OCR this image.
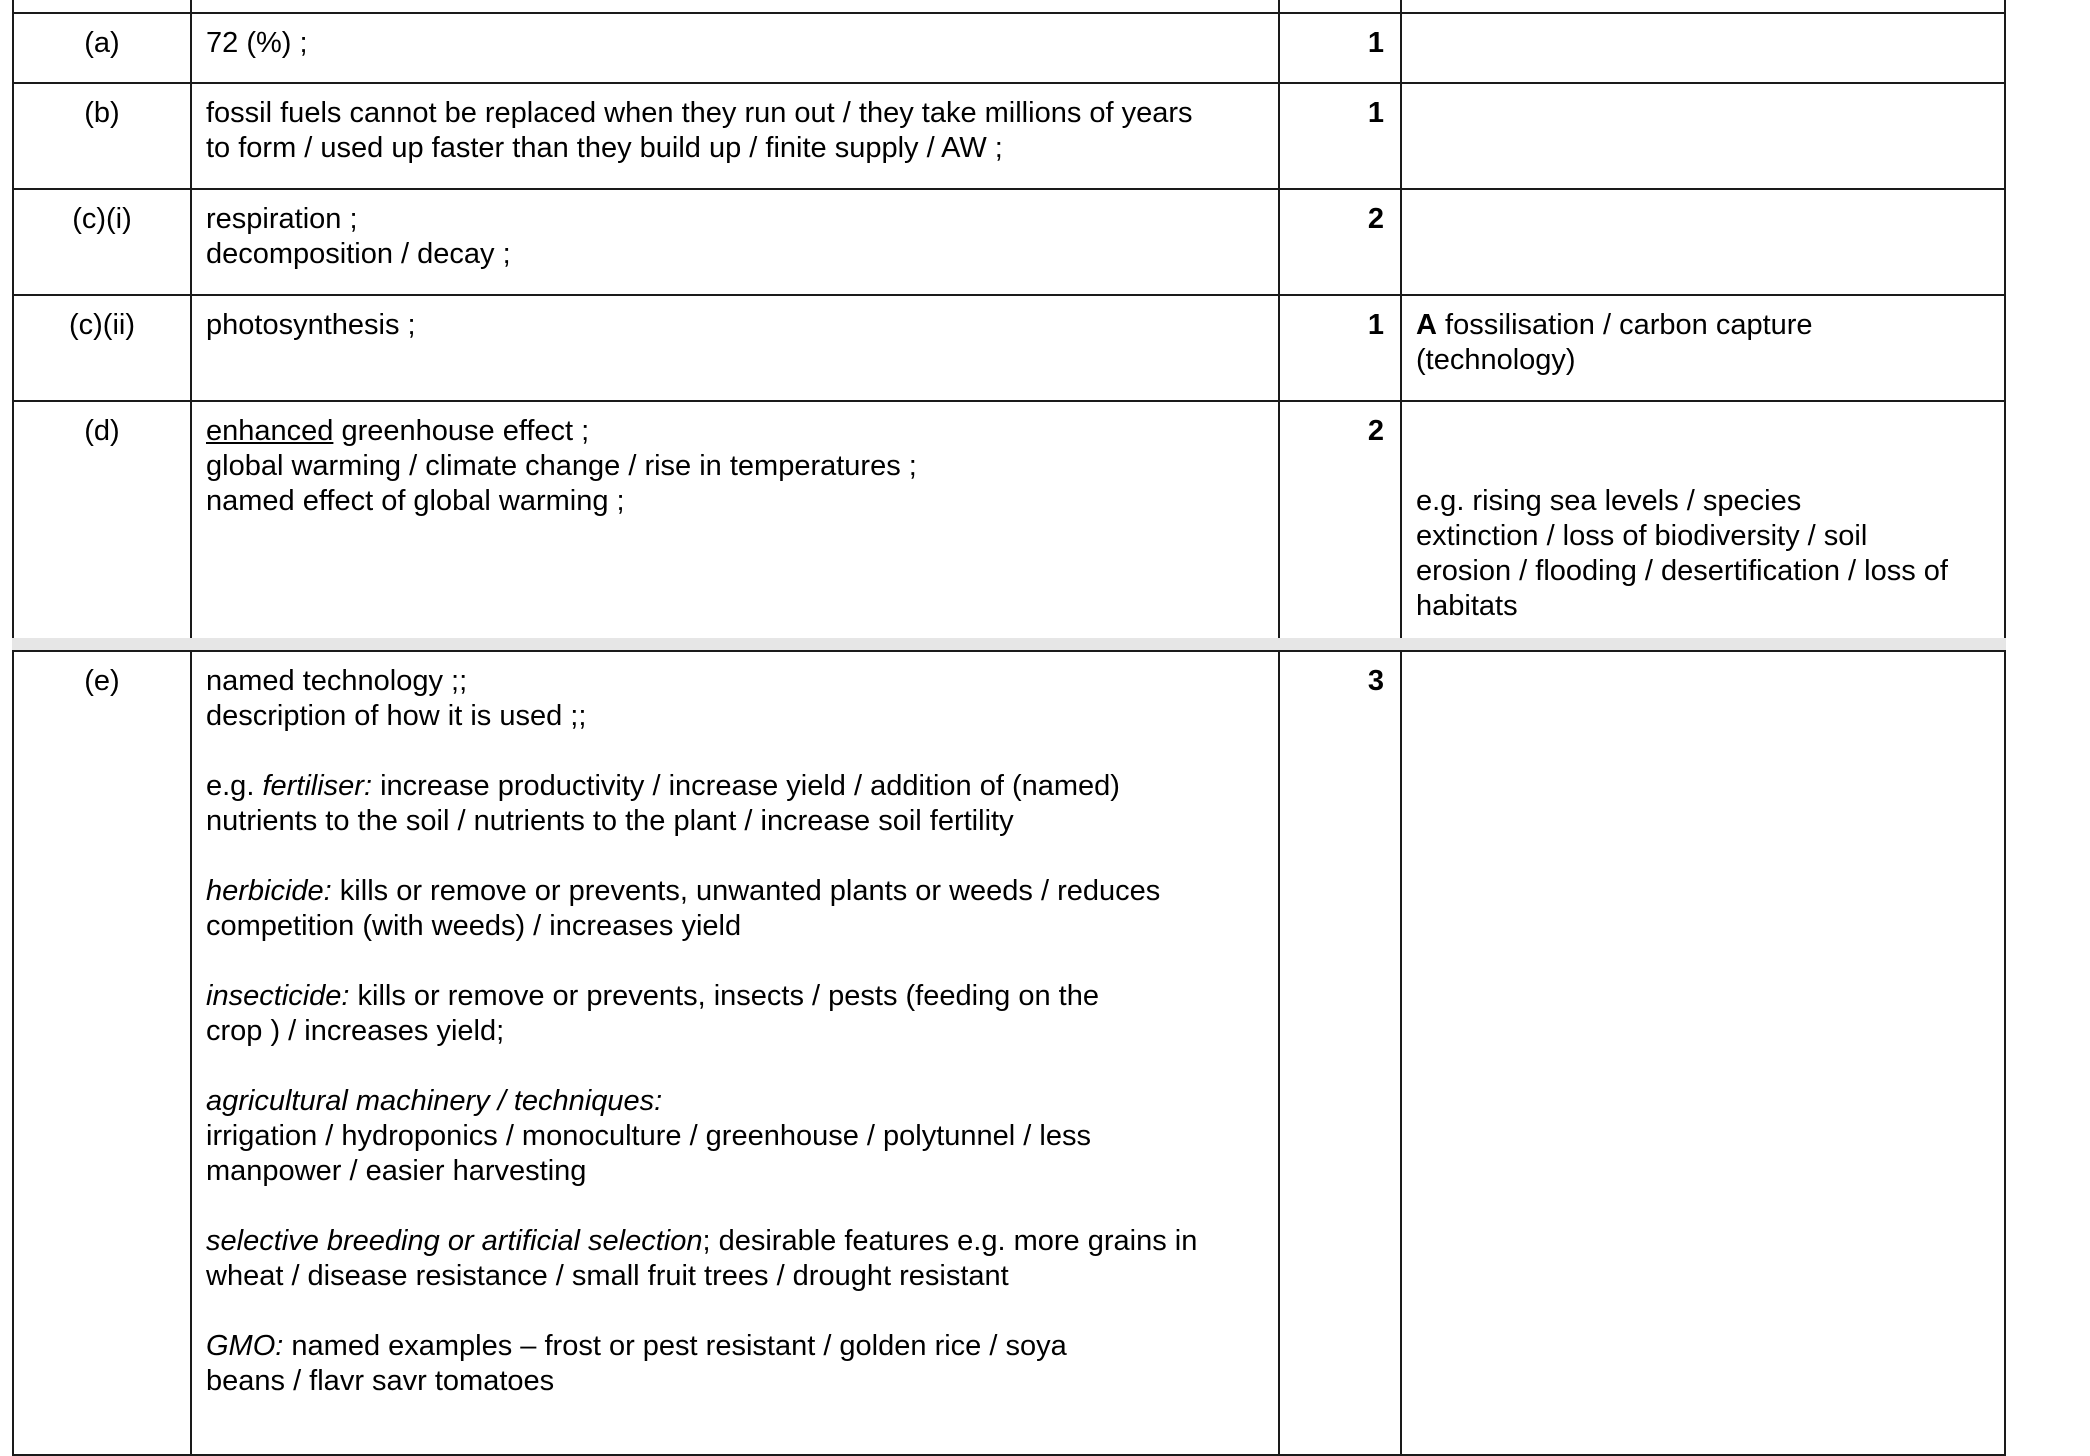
(a)	72 (%) ;	1	
(b)	fossil fuels cannot be replaced when they run out / they take millions of years
to form / used up faster than they build up / finite supply / AW ;	1	
(c)(i)	respiration ;
decomposition / decay ;	2	
(c)(ii)	photosynthesis ;	1	A fossilisation / carbon capture
(technology)

(d)	enhanced greenhouse effect ;
global warming / climate change / rise in temperatures ;
named effect of global warming ;	2	e.g. rising sea levels / species
extinction / loss of biodiversity / soil
erosion / flooding / desertification / loss of
habitats
(e)	named technology ;;
description of how it is used ;;
e.g. fertiliser: increase productivity / increase yield / addition of (named)
nutrients to the soil / nutrients to the plant / increase soil fertility
herbicide: kills or remove or prevents, unwanted plants or weeds / reduces
competition (with weeds) / increases yield
insecticide: kills or remove or prevents, insects / pests (feeding on the
crop ) / increases yield;
agricultural machinery / techniques:
irrigation / hydroponics / monoculture / greenhouse / polytunnel / less
manpower / easier harvesting
selective breeding or artificial selection; desirable features e.g. more grains in
wheat / disease resistance / small fruit trees / drought resistant
GMO: named examples – frost or pest resistant / golden rice / soya
beans / flavr savr tomatoes
	3	
